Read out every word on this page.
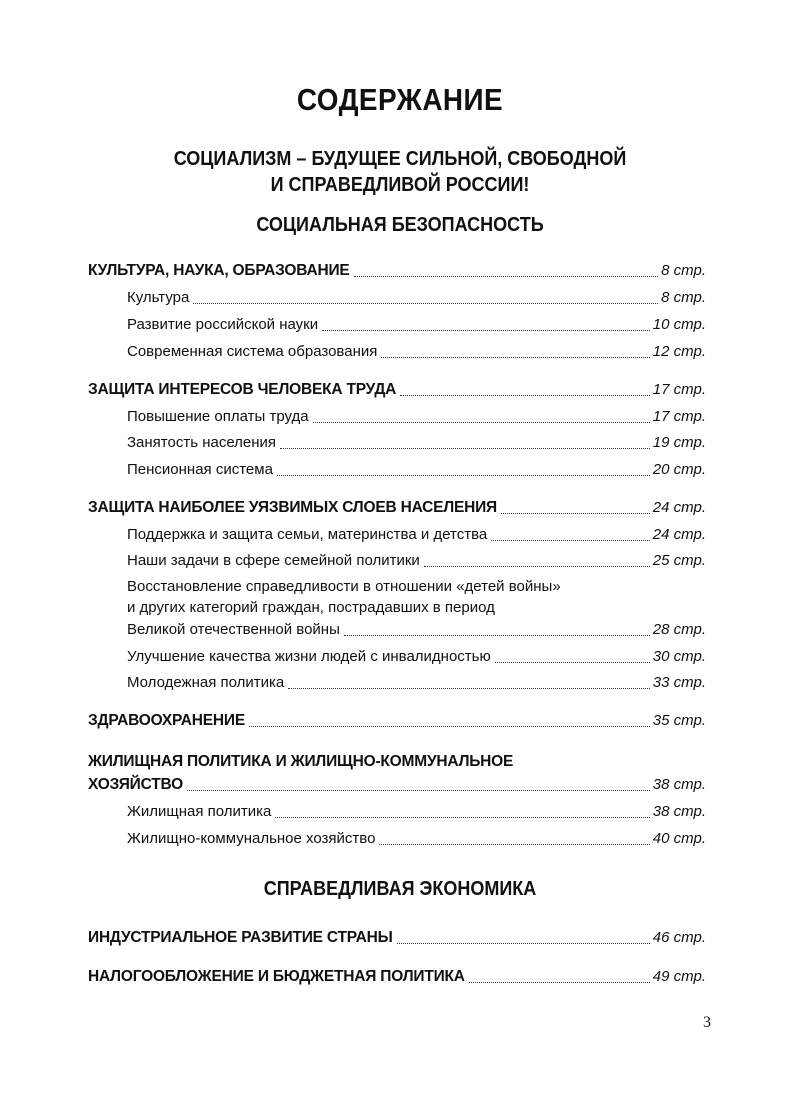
СОДЕРЖАНИЕ
СОЦИАЛИЗМ – БУДУЩЕЕ СИЛЬНОЙ, СВОБОДНОЙ
И СПРАВЕДЛИВОЙ РОССИИ!
СОЦИАЛЬНАЯ БЕЗОПАСНОСТЬ
КУЛЬТУРА, НАУКА, ОБРАЗОВАНИЕ	8 стр.
Культура	8 стр.
Развитие российской науки	10 стр.
Современная система образования	12 стр.
ЗАЩИТА ИНТЕРЕСОВ ЧЕЛОВЕКА ТРУДА	17 стр.
Повышение оплаты труда	17 стр.
Занятость населения	19 стр.
Пенсионная система	20 стр.
ЗАЩИТА НАИБОЛЕЕ УЯЗВИМЫХ СЛОЕВ НАСЕЛЕНИЯ	24 стр.
Поддержка и защита семьи, материнства и детства	24 стр.
Наши задачи в сфере семейной политики	25 стр.
Восстановление справедливости в отношении «детей войны»
и других категорий граждан, пострадавших в период
Великой отечественной войны	28 стр.
Улучшение качества жизни людей с инвалидностью	30 стр.
Молодежная политика	33 стр.
ЗДРАВООХРАНЕНИЕ	35 стр.
ЖИЛИЩНАЯ ПОЛИТИКА И ЖИЛИЩНО-КОММУНАЛЬНОЕ
ХОЗЯЙСТВО	38 стр.
Жилищная политика	38 стр.
Жилищно-коммунальное хозяйство	40 стр.
СПРАВЕДЛИВАЯ ЭКОНОМИКА
ИНДУСТРИАЛЬНОЕ РАЗВИТИЕ СТРАНЫ	46 стр.
НАЛОГООБЛОЖЕНИЕ И БЮДЖЕТНАЯ ПОЛИТИКА	49 стр.
3
